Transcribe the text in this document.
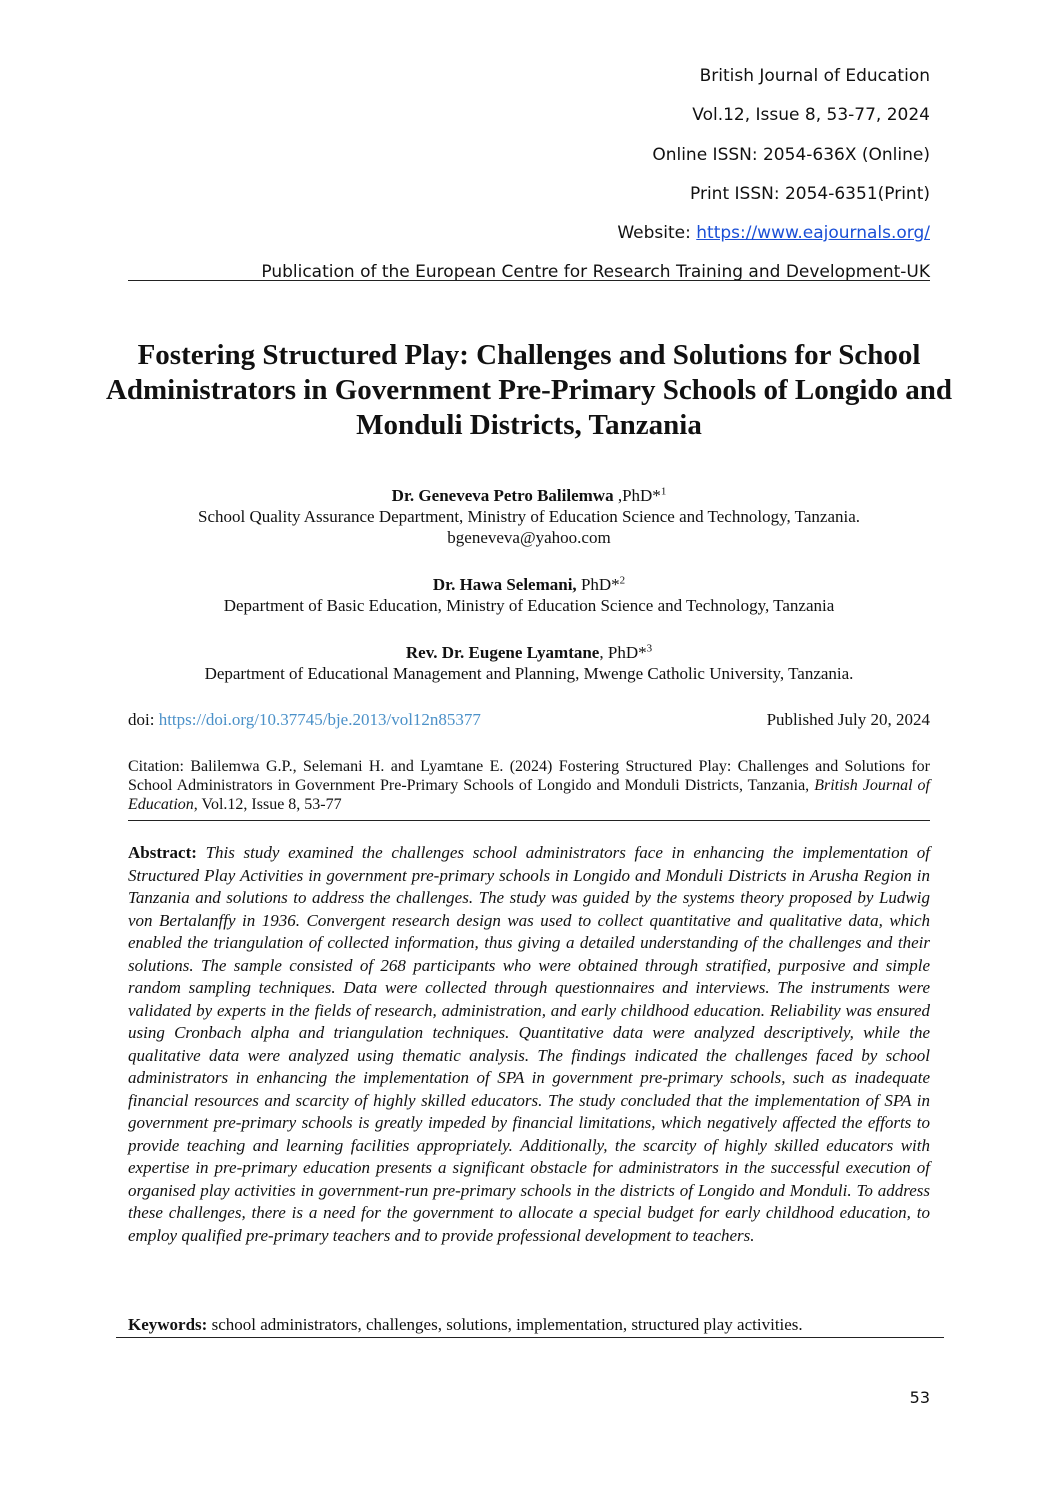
British Journal of Education

Vol.12, Issue 8, 53-77, 2024

Online ISSN: 2054-636X (Online)

Print ISSN: 2054-6351(Print)

Website: https://www.eajournals.org/

Publication of the European Centre for Research Training and Development-UK

Fostering Structured Play: Challenges and Solutions for School Administrators in Government Pre-Primary Schools of Longido and Monduli Districts, Tanzania
Dr. Geneveva Petro Balilemwa ,PhD*$^1$
School Quality Assurance Department, Ministry of Education Science and Technology, Tanzania.
bgeneveva@yahoo.com
Dr. Hawa Selemani, PhD*$^2$
Department of Basic Education, Ministry of Education Science and Technology, Tanzania
Rev. Dr. Eugene Lyamtane, PhD*$^3$
Department of Educational Management and Planning, Mwenge Catholic University, Tanzania.
doi: https://doi.org/10.37745/bje.2013/vol12n85377	Published July 20, 2024

Citation: Balilemwa G.P., Selemani H. and Lyamtane E. (2024) Fostering Structured Play: Challenges and Solutions for School Administrators in Government Pre-Primary Schools of Longido and Monduli Districts, Tanzania, British Journal of Education, Vol.12, Issue 8, 53-77

Abstract: This study examined the challenges school administrators face in enhancing the implementation of Structured Play Activities in government pre-primary schools in Longido and Monduli Districts in Arusha Region in Tanzania and solutions to address the challenges. The study was guided by the systems theory proposed by Ludwig von Bertalanffy in 1936. Convergent research design was used to collect quantitative and qualitative data, which enabled the triangulation of collected information, thus giving a detailed understanding of the challenges and their solutions. The sample consisted of 268 participants who were obtained through stratified, purposive and simple random sampling techniques. Data were collected through questionnaires and interviews. The instruments were validated by experts in the fields of research, administration, and early childhood education. Reliability was ensured using Cronbach alpha and triangulation techniques. Quantitative data were analyzed descriptively, while the qualitative data were analyzed using thematic analysis. The findings indicated the challenges faced by school administrators in enhancing the implementation of SPA in government pre-primary schools, such as inadequate financial resources and scarcity of highly skilled educators. The study concluded that the implementation of SPA in government pre-primary schools is greatly impeded by financial limitations, which negatively affected the efforts to provide teaching and learning facilities appropriately. Additionally, the scarcity of highly skilled educators with expertise in pre-primary education presents a significant obstacle for administrators in the successful execution of organised play activities in government-run pre-primary schools in the districts of Longido and Monduli. To address these challenges, there is a need for the government to allocate a special budget for early childhood education, to employ qualified pre-primary teachers and to provide professional development to teachers.

Keywords: school administrators, challenges, solutions, implementation, structured play activities.

53
